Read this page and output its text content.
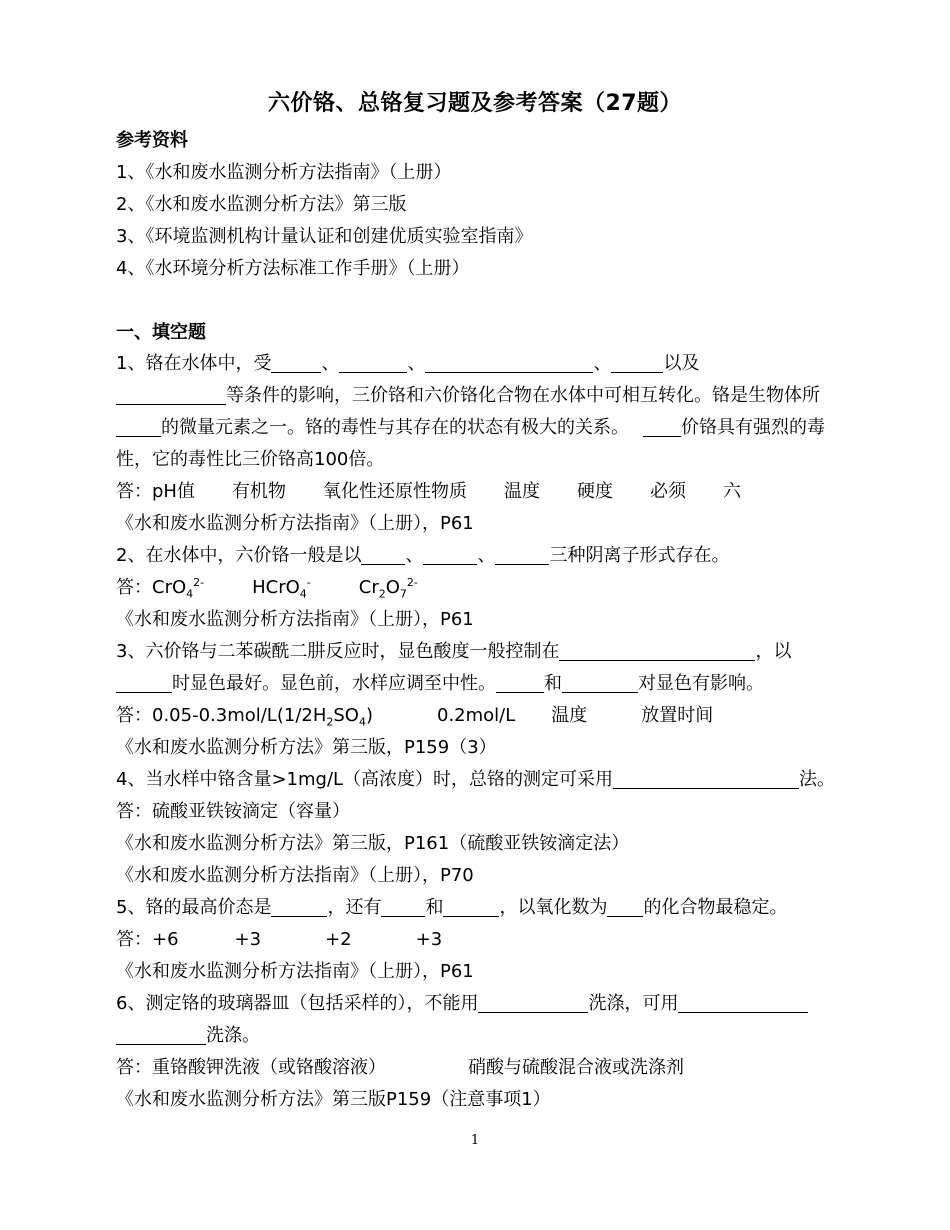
六价铬、总铬复习题及参考答案（27题）
参考资料
1、《水和废水监测分析方法指南》（上册）
2、《水和废水监测分析方法》第三版
3、《环境监测机构计量认证和创建优质实验室指南》
4、《水环境分析方法标准工作手册》（上册）
一、填空题
1、铬在水体中，受	、	、	、	以及
等条件的影响，三价铬和六价铬化合物在水体中可相互转化。铬是生物体所
的微量元素之一。铬的毒性与其存在的状态有极大的关系。	价铬具有强烈的毒
性，它的毒性比三价铬高100倍。
答：pH值 有机物 氧化性还原性物质 温度 硬度 必须 六
《水和废水监测分析方法指南》（上册），P61
2、在水体中，六价铬一般是以 、	、	三种阴离子形式存在。
答：CrO$_4^{2-}$	HCrO$_4$-	$Cr_2O_7^{2-}$
《水和废水监测分析方法指南》（上册），P61
3、六价铬与二苯碳酰二肼反应时，显色酸度一般控制在	，以
时显色最好。显色前，水样应调至中性。	和	对显色有影响。
答：$0.05-0.3mol/L(1/2H_2SO_4)$	0.2mol/L 温度	放置时间
《水和废水监测分析方法》第三版，P159（3）
4、当水样中铬含量>1mg/L（高浓度）时，总铬的测定可采用	法。
答：硫酸亚铁铵滴定（容量）
《水和废水监测分析方法》第三版，P161（硫酸亚铁铵滴定法）
《水和废水监测分析方法指南》（上册），P70
5、铬的最高价态是	，还有 和	，以氧化数为 的化合物最稳定。
答：+6	+3	+2	+3
《水和废水监测分析方法指南》（上册），P61
6、测定铬的玻璃器皿（包括采样的），不能用	洗涤，可用
洗涤。
答：重铬酸钾洗液（或铬酸溶液）	硝酸与硫酸混合液或洗涤剂
《水和废水监测分析方法》第三版P159（注意事项1）
1
